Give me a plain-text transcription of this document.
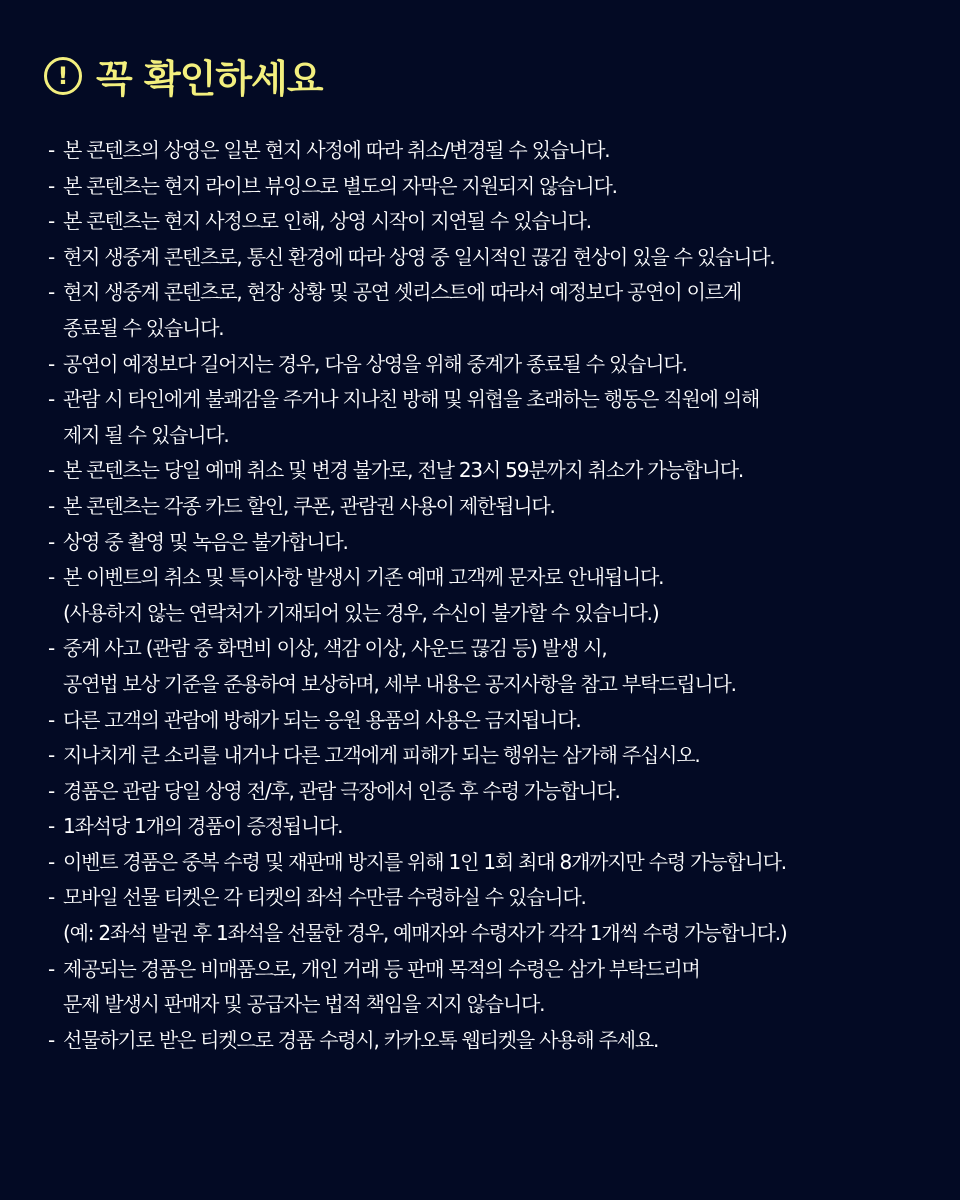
! 꼭 확인하세요
- 본 콘텐츠의 상영은 일본 현지 사정에 따라 취소/변경될 수 있습니다.
- 본 콘텐츠는 현지 라이브 뷰잉으로 별도의 자막은 지원되지 않습니다.
- 본 콘텐츠는 현지 사정으로 인해, 상영 시작이 지연될 수 있습니다.
- 현지 생중계 콘텐츠로, 통신 환경에 따라 상영 중 일시적인 끊김 현상이 있을 수 있습니다.
- 현지 생중계 콘텐츠로, 현장 상황 및 공연 셋리스트에 따라서 예정보다 공연이 이르게
종료될 수 있습니다.
- 공연이 예정보다 길어지는 경우, 다음 상영을 위해 중계가 종료될 수 있습니다.
- 관람 시 타인에게 불쾌감을 주거나 지나친 방해 및 위협을 초래하는 행동은 직원에 의해
제지 될 수 있습니다.
- 본 콘텐츠는 당일 예매 취소 및 변경 불가로, 전날 23시 59분까지 취소가 가능합니다.
- 본 콘텐츠는 각종 카드 할인, 쿠폰, 관람권 사용이 제한됩니다.
- 상영 중 촬영 및 녹음은 불가합니다.
- 본 이벤트의 취소 및 특이사항 발생시 기존 예매 고객께 문자로 안내됩니다.
(사용하지 않는 연락처가 기재되어 있는 경우, 수신이 불가할 수 있습니다.)
- 중계 사고 (관람 중 화면비 이상, 색감 이상, 사운드 끊김 등) 발생 시,
공연법 보상 기준을 준용하여 보상하며, 세부 내용은 공지사항을 참고 부탁드립니다.
- 다른 고객의 관람에 방해가 되는 응원 용품의 사용은 금지됩니다.
- 지나치게 큰 소리를 내거나 다른 고객에게 피해가 되는 행위는 삼가해 주십시오.
- 경품은 관람 당일 상영 전/후, 관람 극장에서 인증 후 수령 가능합니다.
- 1좌석당 1개의 경품이 증정됩니다.
- 이벤트 경품은 중복 수령 및 재판매 방지를 위해 1인 1회 최대 8개까지만 수령 가능합니다.
- 모바일 선물 티켓은 각 티켓의 좌석 수만큼 수령하실 수 있습니다.
(예: 2좌석 발권 후 1좌석을 선물한 경우, 예매자와 수령자가 각각 1개씩 수령 가능합니다.)
- 제공되는 경품은 비매품으로, 개인 거래 등 판매 목적의 수령은 삼가 부탁드리며
문제 발생시 판매자 및 공급자는 법적 책임을 지지 않습니다.
- 선물하기로 받은 티켓으로 경품 수령시, 카카오톡 웹티켓을 사용해 주세요.
